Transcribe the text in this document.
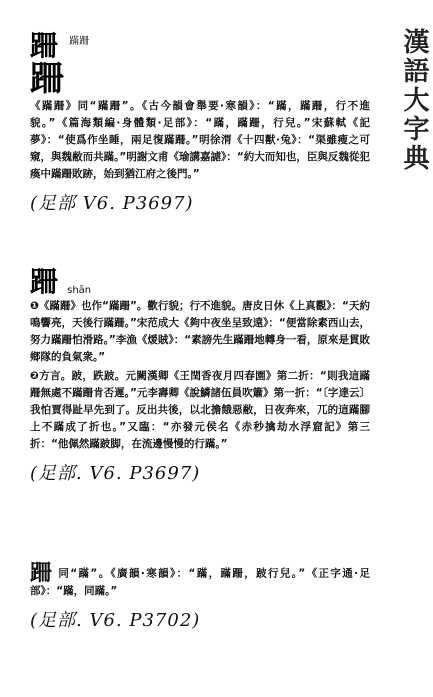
漢語大字典
跚 $^{蹣跚}$
跚

《蹣跚》同“蹣跚”。《古今韻會舉要·寒韻》：“蹣，蹣跚，行不進貌。”《篇海類編·身體類·足部》：“蹣，蹣跚，行兒。”宋蘇軾《記夢》：“使爲作坐睡，兩足復蹣跚。”明徐渭《十四獸·兔》：“渠雖瘦之可窺，與魏敝而共蹣。”明謝文甫《瑜講嘉謔》：“約大而知也，臣與反魏從犯瘓中蹣跚敗跡，始到猶江府之後門。”

(足部 V6. P3697)
跚 shān

❶《蹣跚》也作“蹣跚”。歡行貌；行不進貌。唐皮日休《上真觀》：“天約鳴響亮，天後行蹣跚。”宋范成大《夠中夜坐呈致遠》：“便當除素西山去，努力蹣跚怕滑路。”李漁《煖賊》：“素謗先生蹣跚地轉身一看，原來是貫敗鄉隊的負氣衆。”

❷方言。跛，跌跛。元闕漢卿《王閏香夜月四春園》第二折：“則我這蹣跚無處不蹣跚肯否遲。”元李壽卿《說鱗諸伍員吹簫》第一折：“〔字達云〕我怕賈得趾早先到了。反出共後，以北擔餓惡敝，日夜奔來，兀的這蹣腳上不蹣成了折也。”又臨：“亦發元侯名《赤秒擒劫水浮窟記》第三折：“他佩然蹣跛脚，在流邊慢慢的行蹣。”

(足部. V6. P3697)

跚 同“蹣”。《廣韻·寒韻》：“蹣，蹣跚，跛行兒。”《正字通·足部》：“蹣，同蹣。”

(足部. V6. P3702)
